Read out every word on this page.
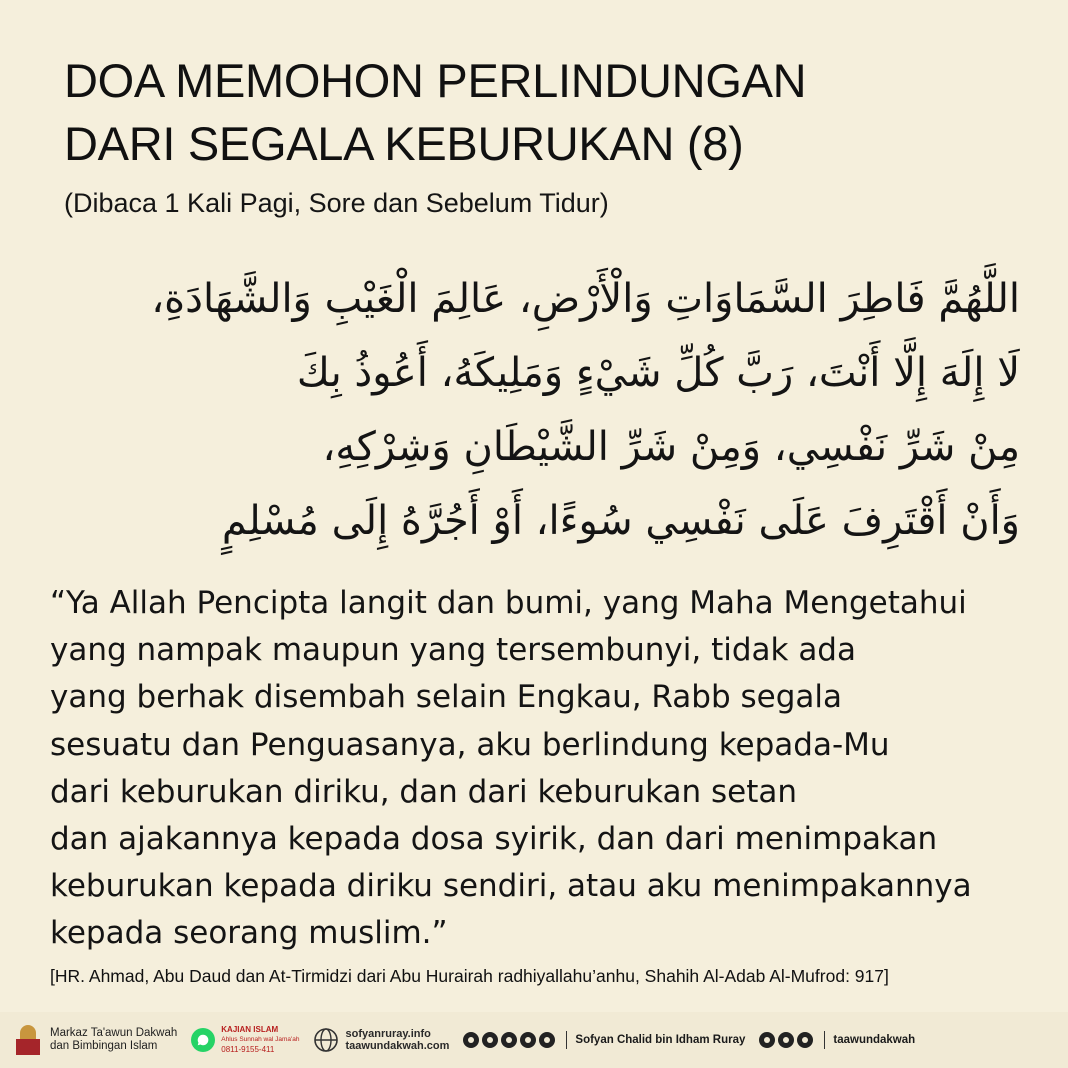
DOA MEMOHON PERLINDUNGAN
DARI SEGALA KEBURUKAN (8)
(Dibaca 1 Kali Pagi, Sore dan Sebelum Tidur)
اللَّهُمَّ فَاطِرَ السَّمَاوَاتِ وَالْأَرْضِ، عَالِمَ الْغَيْبِ وَالشَّهَادَةِ،
لَا إِلَهَ إِلَّا أَنْتَ، رَبَّ كُلِّ شَيْءٍ وَمَلِيكَهُ، أَعُوذُ بِكَ
مِنْ شَرِّ نَفْسِي، وَمِنْ شَرِّ الشَّيْطَانِ وَشِرْكِهِ،
وَأَنْ أَقْتَرِفَ عَلَى نَفْسِي سُوءًا، أَوْ أَجُرَّهُ إِلَى مُسْلِمٍ
“Ya Allah Pencipta langit dan bumi, yang Maha Mengetahui
yang nampak maupun yang tersembunyi, tidak ada
yang berhak disembah selain Engkau, Rabb segala
sesuatu dan Penguasanya, aku berlindung kepada-Mu
dari keburukan diriku, dan dari keburukan setan
dan ajakannya kepada dosa syirik, dan dari menimpakan
keburukan kepada diriku sendiri, atau aku menimpakannya
kepada seorang muslim.”
[HR. Ahmad, Abu Daud dan At-Tirmidzi dari Abu Hurairah radhiyallahu’anhu, Shahih Al-Adab Al-Mufrod: 917]
Markaz Ta'awun Dakwah
dan Bimbingan Islam
KAJIAN ISLAM
Ahlus Sunnah wal Jama'ah
0811-9155-411
sofyanruray.info
taawundakwah.com	Sofyan Chalid bin Idham Ruray	taawundakwah
